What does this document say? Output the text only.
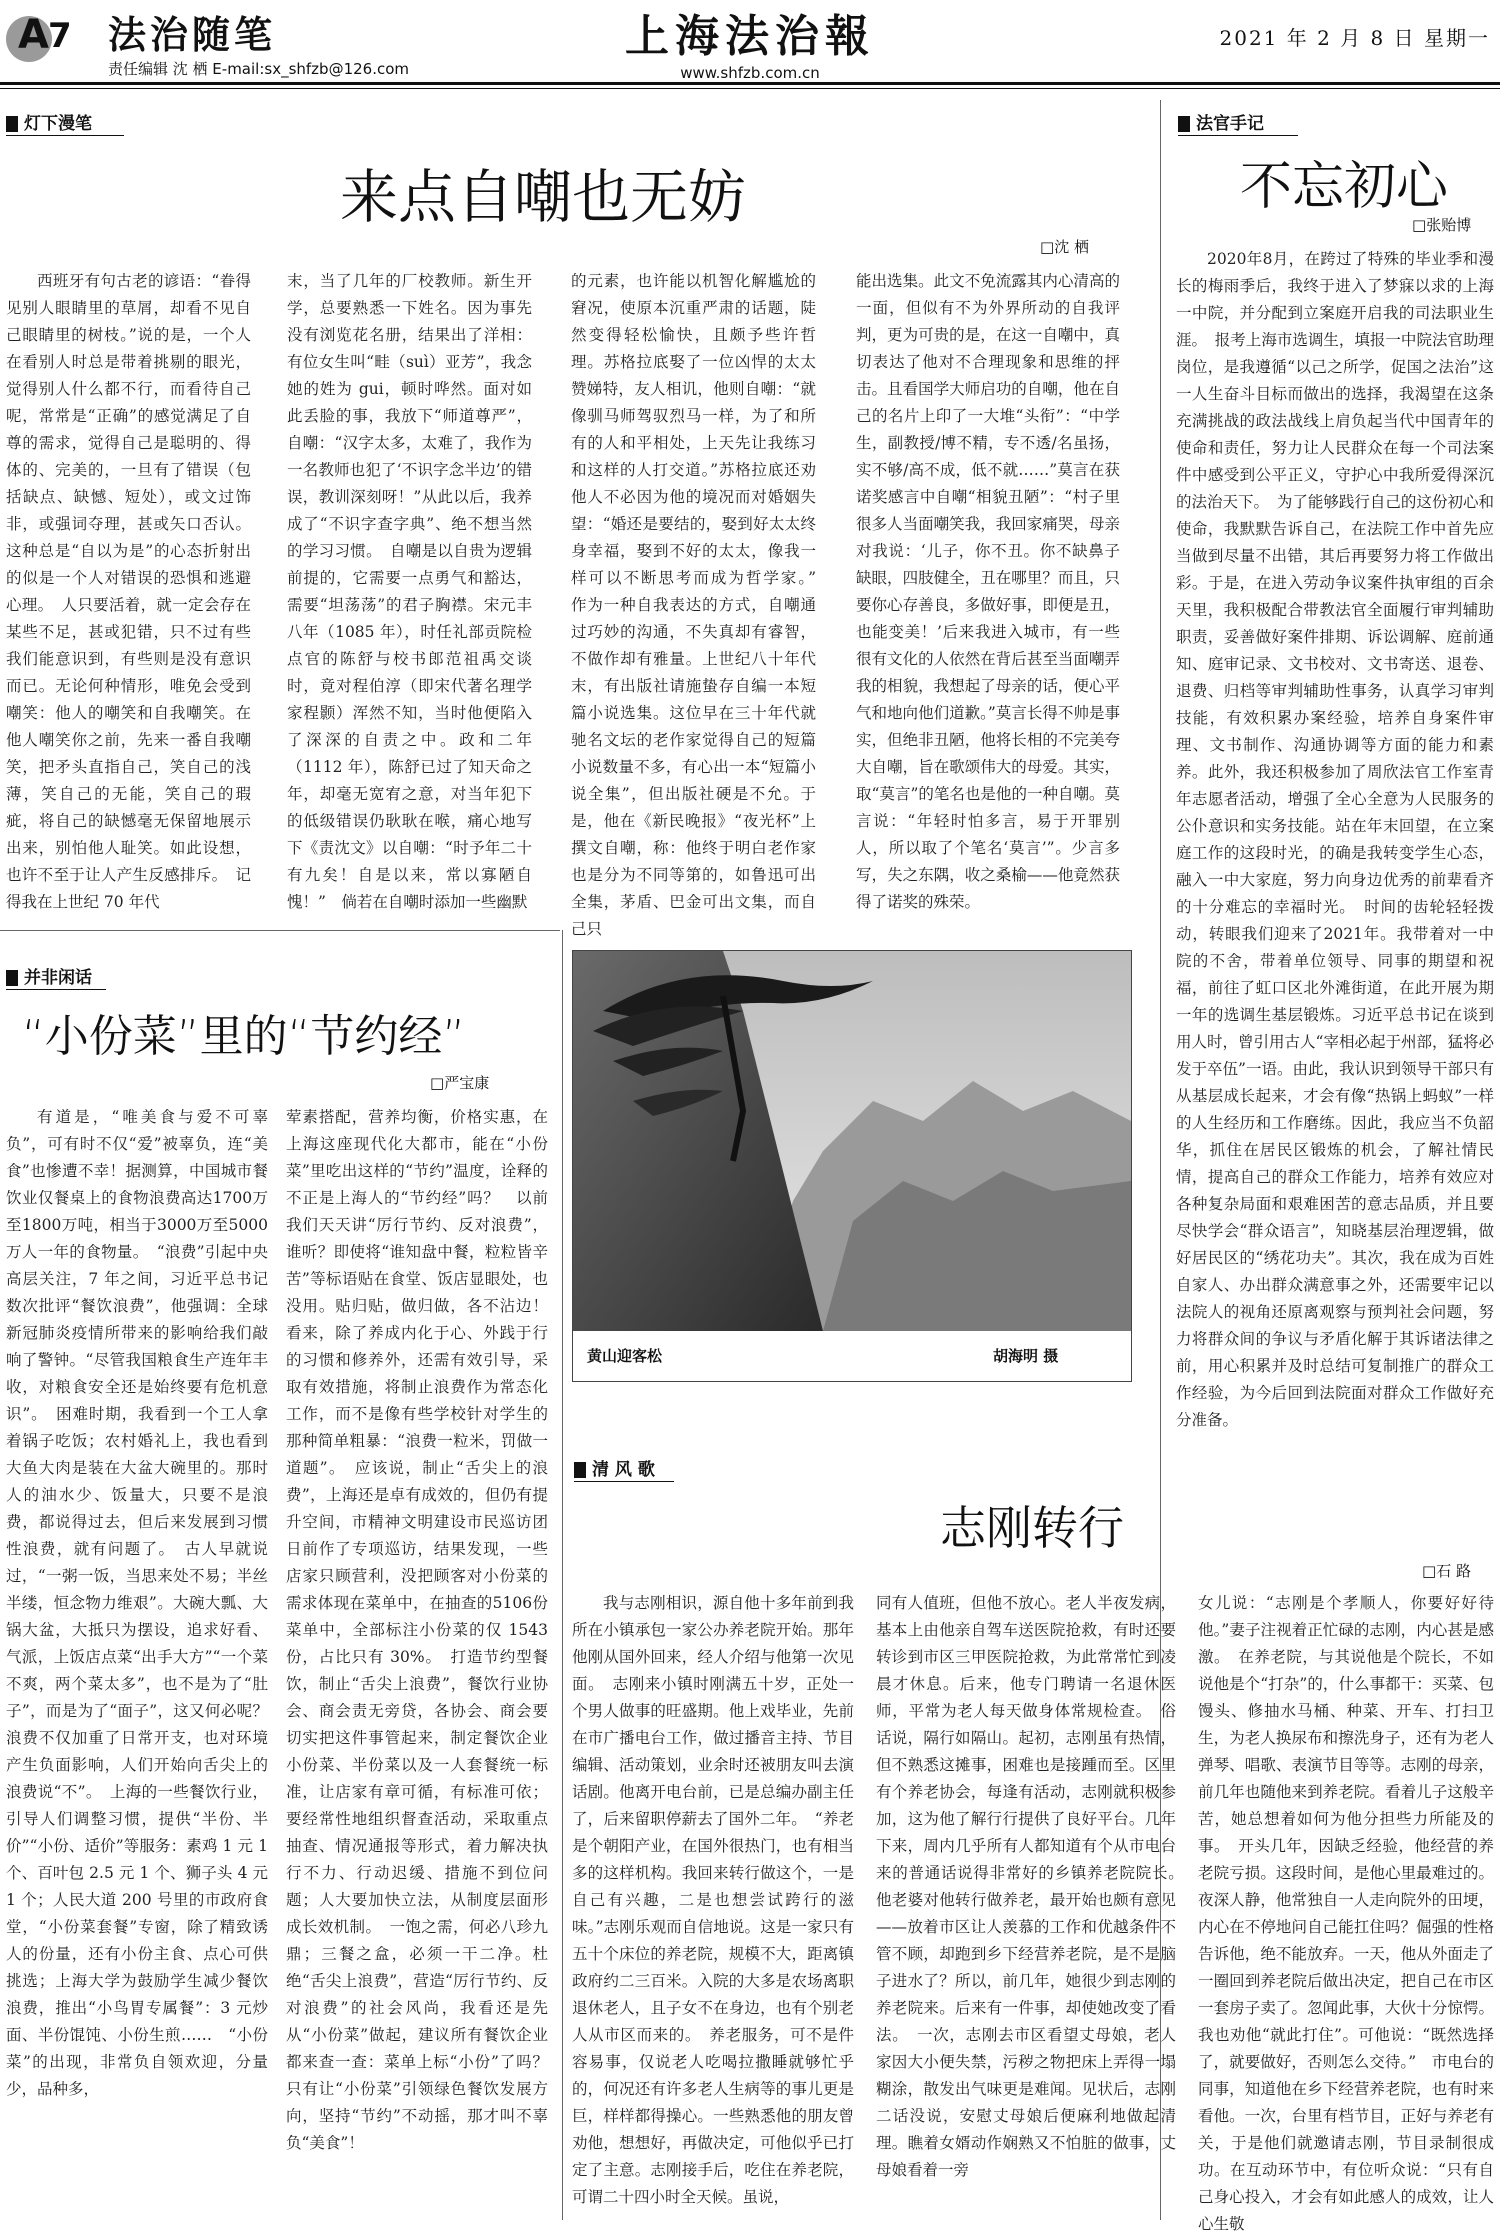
A 7 法治随笔
责任编辑 沈 栖 E-mail:sx_shfzb@126.com
上海法治報
www.shfzb.com.cn
2021 年 2 月 8 日 星期一
灯下漫笔
来点自嘲也无妨
□ 沈 栖

西班牙有句古老的谚语：“眷得见别人眼睛里的草屑，却看不见自己眼睛里的树枝。”说的是，一个人在看别人时总是带着挑剔的眼光，觉得别人什么都不行，而看待自己呢，常常是“正确”的感觉满足了自尊的需求，觉得自己是聪明的、得体的、完美的，一旦有了错误（包括缺点、缺憾、短处），或文过饰非，或强词夺理，甚或矢口否认。这种总是“自以为是”的心态折射出的似是一个人对错误的恐惧和逃避心理。　人只要活着，就一定会存在某些不足，甚或犯错，只不过有些我们能意识到，有些则是没有意识而已。无论何种情形，唯免会受到嘲笑：他人的嘲笑和自我嘲笑。在他人嘲笑你之前，先来一番自我嘲笑，把矛头直指自己，笑自己的浅薄，笑自己的无能，笑自己的瑕疵，将自己的缺憾毫无保留地展示出来，别怕他人耻笑。如此设想，也许不至于让人产生反感排斥。　记得我在上世纪 70 年代

末，当了几年的厂校教师。新生开学，总要熟悉一下姓名。因为事先没有浏览花名册，结果出了洋相：有位女生叫“畦（suì）亚芳”，我念她的姓为 gui，顿时哗然。面对如此丢脸的事，我放下“师道尊严”，自嘲：“汉字太多，太难了，我作为一名教师也犯了‘不识字念半边’的错误，教训深刻呀！”从此以后，我养成了“不识字查字典”、绝不想当然的学习习惯。　自嘲是以自贵为逻辑前提的，它需要一点勇气和豁达，需要“坦荡荡”的君子胸襟。宋元丰八年（1085 年），时任礼部贡院检点官的陈舒与校书郎范祖禹交谈时，竟对程伯淳（即宋代著名理学家程颢）浑然不知，当时他便陷入了深深的自责之中。政和二年（1112 年），陈舒已过了知天命之年，却毫无宽宥之意，对当年犯下的低级错误仍耿耿在喉，痛心地写下《责沈文》以自嘲：“时予年二十有九矣！自是以来，常以寡陋自愧！”　倘若在自嘲时添加一些幽默

的元素，也许能以机智化解尴尬的窘况，使原本沉重严肃的话题，陡然变得轻松愉快，且颇予些许哲理。苏格拉底娶了一位凶悍的太太赞娣特，友人相讥，他则自嘲：“就像驯马师驾驭烈马一样，为了和所有的人和平相处，上天先让我练习和这样的人打交道。”苏格拉底还劝他人不必因为他的境况而对婚姻失望：“婚还是要结的，娶到好太太终身幸福，娶到不好的太太，像我一样可以不断思考而成为哲学家。”　作为一种自我表达的方式，自嘲通过巧妙的沟通，不失真却有睿智，不做作却有雅量。上世纪八十年代末，有出版社请施蛰存自编一本短篇小说选集。这位早在三十年代就驰名文坛的老作家觉得自己的短篇小说数量不多，有心出一本“短篇小说全集”，但出版社硬是不允。于是，他在《新民晚报》“夜光杯”上撰文自嘲，称：他终于明白老作家也是分为不同等第的，如鲁迅可出全集，茅盾、巴金可出文集，而自己只

能出选集。此文不免流露其内心清高的一面，但似有不为外界所动的自我评判，更为可贵的是，在这一自嘲中，真切表达了他对不合理现象和思维的抨击。且看国学大师启功的自嘲，他在自己的名片上印了一大堆“头衔”：“中学生，副教授/博不精，专不透/名虽扬，实不够/高不成，低不就……”莫言在获诺奖感言中自嘲“相貌丑陋”：“村子里很多人当面嘲笑我，我回家痛哭，母亲对我说：‘儿子，你不丑。你不缺鼻子缺眼，四肢健全，丑在哪里？而且，只要你心存善良，多做好事，即便是丑，也能变美！’后来我进入城市，有一些很有文化的人依然在背后甚至当面嘲弄我的相貌，我想起了母亲的话，便心平气和地向他们道歉。”莫言长得不帅是事实，但绝非丑陋，他将长相的不完美夸大自嘲，旨在歌颂伟大的母爱。其实，取“莫言”的笔名也是他的一种自嘲。莫言说：“年轻时怕多言，易于开罪别人，所以取了个笔名‘莫言’”。少言多写，失之东隅，收之桑榆——他竟然获得了诺奖的殊荣。

法官手记
不忘初心
□ 张贻博

2020年8月，在跨过了特殊的毕业季和漫长的梅雨季后，我终于进入了梦寐以求的上海一中院，并分配到立案庭开启我的司法职业生涯。　报考上海市选调生，填报一中院法官助理岗位，是我遵循“以己之所学，促国之法治”这一人生奋斗目标而做出的选择，我渴望在这条充满挑战的政法战线上肩负起当代中国青年的使命和责任，努力让人民群众在每一个司法案件中感受到公平正义，守护心中我所爱得深沉的法治天下。　为了能够践行自己的这份初心和使命，我默默告诉自己，在法院工作中首先应当做到尽量不出错，其后再要努力将工作做出彩。于是，在进入劳动争议案件执审组的百余天里，我积极配合带教法官全面履行审判辅助职责，妥善做好案件排期、诉讼调解、庭前通知、庭审记录、文书校对、文书寄送、退卷、退费、归档等审判辅助性事务，认真学习审判技能，有效积累办案经验，培养自身案件审理、文书制作、沟通协调等方面的能力和素养。此外，我还积极参加了周欣法官工作室青年志愿者活动，增强了全心全意为人民服务的公仆意识和实务技能。站在年末回望，在立案庭工作的这段时光，的确是我转变学生心态，融入一中大家庭，努力向身边优秀的前辈看齐的十分难忘的幸福时光。　时间的齿轮轻轻拨动，转眼我们迎来了2021年。我带着对一中院的不舍，带着单位领导、同事的期望和祝福，前往了虹口区北外滩街道，在此开展为期一年的选调生基层锻炼。习近平总书记在谈到用人时，曾引用古人“宰相必起于州部，猛将必发于卒伍”一语。由此，我认识到领导干部只有从基层成长起来，才会有像“热锅上蚂蚁”一样的人生经历和工作磨练。因此，我应当不负韶华，抓住在居民区锻炼的机会，了解社情民情，提高自己的群众工作能力，培养有效应对各种复杂局面和艰难困苦的意志品质，并且要尽快学会“群众语言”，知晓基层治理逻辑，做好居民区的“绣花功夫”。其次，我在成为百姓自家人、办出群众满意事之外，还需要牢记以法院人的视角还原离观察与预判社会问题，努力将群众间的争议与矛盾化解于其诉诸法律之前，用心积累并及时总结可复制推广的群众工作经验，为今后回到法院面对群众工作做好充分准备。

并非闲话
“小份菜”里的“节约经”
□ 严宝康

有道是，“唯美食与爱不可辜负”，可有时不仅“爱”被辜负，连“美食”也惨遭不幸！据测算，中国城市餐饮业仅餐桌上的食物浪费高达1700万至1800万吨，相当于3000万至5000万人一年的食物量。　“浪费”引起中央高层关注，7 年之间，习近平总书记数次批评“餐饮浪费”，他强调：全球新冠肺炎疫情所带来的影响给我们敲响了警钟。“尽管我国粮食生产连年丰收，对粮食安全还是始终要有危机意识”。　困难时期，我看到一个工人拿着锅子吃饭；农村婚礼上，我也看到大鱼大肉是装在大盆大碗里的。那时人的油水少、饭量大，只要不是浪费，都说得过去，但后来发展到习惯性浪费，就有问题了。　古人早就说过，“一粥一饭，当思来处不易；半丝半缕，恒念物力维艰”。大碗大瓢、大锅大盆，大抵只为摆设，追求好看、气派，上饭店点菜“出手大方”“一个菜不爽，两个菜太多”，也不是为了“肚子”，而是为了“面子”，这又何必呢？　浪费不仅加重了日常开支，也对环境产生负面影响，人们开始向舌尖上的浪费说“不”。　上海的一些餐饮行业，引导人们调整习惯，提供“半份、半价”“小份、适价”等服务：素鸡 1 元 1 个、百叶包 2.5 元 1 个、狮子头 4 元 1 个；人民大道 200 号里的市政府食堂，“小份菜套餐”专窗，除了精致诱人的份量，还有小份主食、点心可供挑选；上海大学为鼓励学生减少餐饮浪费，推出“小鸟胃专属餐”：3 元炒面、半份馄饨、小份生煎……　“小份菜”的出现，非常负自领欢迎，分量少，品种多，

荤素搭配，营养均衡，价格实惠，在上海这座现代化大都市，能在“小份菜”里吃出这样的“节约”温度，诠释的不正是上海人的“节约经”吗？　以前我们天天讲“厉行节约、反对浪费”，谁听？即使将“谁知盘中餐，粒粒皆辛苦”等标语贴在食堂、饭店显眼处，也没用。贴归贴，做归做，各不沾边！看来，除了养成内化于心、外践于行的习惯和修养外，还需有效引导，采取有效措施，将制止浪费作为常态化工作，而不是像有些学校针对学生的那种简单粗暴：“浪费一粒米，罚做一道题”。　应该说，制止“舌尖上的浪费”，上海还是卓有成效的，但仍有提升空间，市精神文明建设市民巡访团日前作了专项巡访，结果发现，一些店家只顾营利，没把顾客对小份菜的需求体现在菜单中，在抽查的5106份菜单中，全部标注小份菜的仅 1543 份，占比只有 30%。　打造节约型餐饮，制止“舌尖上浪费”，餐饮行业协会、商会责无旁贷，各协会、商会要切实把这件事管起来，制定餐饮企业小份菜、半份菜以及一人套餐统一标准，让店家有章可循，有标准可依；要经常性地组织督查活动，采取重点抽查、情况通报等形式，着力解决执行不力、行动迟缓、措施不到位问题；人大要加快立法，从制度层面形成长效机制。　一饱之需，何必八珍九鼎；三餐之盒，必须一干二净。杜绝“舌尖上浪费”，营造“厉行节约、反对浪费”的社会风尚，我看还是先从“小份菜”做起，建议所有餐饮企业都来查一查：菜单上标“小份”了吗？只有让“小份菜”引领绿色餐饮发展方向，坚持“节约”不动摇，那才叫不辜负“美食”！

黄山迎客松	胡海明 摄
清 风 歌
志刚转行
□ 石 路

我与志刚相识，源自他十多年前到我所在小镇承包一家公办养老院开始。那年他刚从国外回来，经人介绍与他第一次见面。　志刚来小镇时刚满五十岁，正处一个男人做事的旺盛期。他上戏毕业，先前在市广播电台工作，做过播音主持、节目编辑、活动策划，业余时还被朋友叫去演话剧。他离开电台前，已是总编办副主任了，后来留职停薪去了国外二年。　“养老是个朝阳产业，在国外很热门，也有相当多的这样机构。我回来转行做这个，一是自己有兴趣，二是也想尝试跨行的滋味。”志刚乐观而自信地说。这是一家只有五十个床位的养老院，规模不大，距离镇政府约二三百米。入院的大多是农场离职退休老人，且子女不在身边，也有个别老人从市区而来的。　养老服务，可不是件容易事，仅说老人吃喝拉撒睡就够忙乎的，何况还有许多老人生病等的事儿更是巨，样样都得操心。一些熟悉他的朋友曾劝他，想想好，再做决定，可他似乎已打定了主意。志刚接手后，吃住在养老院，可谓二十四小时全天候。虽说，

同有人值班，但他不放心。老人半夜发病，基本上由他亲自驾车送医院抢救，有时还要转诊到市区三甲医院抢救，为此常常忙到凌晨才休息。后来，他专门聘请一名退休医师，平常为老人每天做身体常规检查。　俗话说，隔行如隔山。起初，志刚虽有热情，但不熟悉这摊事，困难也是接踵而至。区里有个养老协会，每逢有活动，志刚就积极参加，这为他了解行行提供了良好平台。几年下来，周内几乎所有人都知道有个从市电台来的普通话说得非常好的乡镇养老院院长。　他老婆对他转行做养老，最开始也颇有意见——放着市区让人羡慕的工作和优越条件不管不顾，却跑到乡下经营养老院，是不是脑子进水了？所以，前几年，她很少到志刚的养老院来。后来有一件事，却使她改变了看法。　一次，志刚去市区看望丈母娘，老人家因大小便失禁，污秽之物把床上弄得一塌糊涂，散发出气味更是难闻。见状后，志刚二话没说，安慰丈母娘后便麻利地做起清理。瞧着女婿动作娴熟又不怕脏的做事，丈母娘看着一旁

女儿说：“志刚是个孝顺人，你要好好待他。”妻子注视着正忙碌的志刚，内心甚是感激。　在养老院，与其说他是个院长，不如说他是个“打杂”的，什么事都干：买菜、包馒头、修抽水马桶、种菜、开车、打扫卫生，为老人换尿布和擦洗身子，还有为老人弹琴、唱歌、表演节目等等。志刚的母亲，前几年也随他来到养老院。看着儿子这般辛苦，她总想着如何为他分担些力所能及的事。　开头几年，因缺乏经验，他经营的养老院亏损。这段时间，是他心里最难过的。夜深人静，他常独自一人走向院外的田埂，内心在不停地问自己能扛住吗？倔强的性格告诉他，绝不能放弃。一天，他从外面走了一圈回到养老院后做出决定，把自己在市区一套房子卖了。忽闻此事，大伙十分惊愕。我也劝他“就此打住”。可他说：“既然选择了，就要做好，否则怎么交待。”　市电台的同事，知道他在乡下经营养老院，也有时来看他。一次，台里有档节目，正好与养老有关，于是他们就邀请志刚，节目录制很成功。在互动环节中，有位听众说：“只有自己身心投入，才会有如此感人的成效，让人心生敬
